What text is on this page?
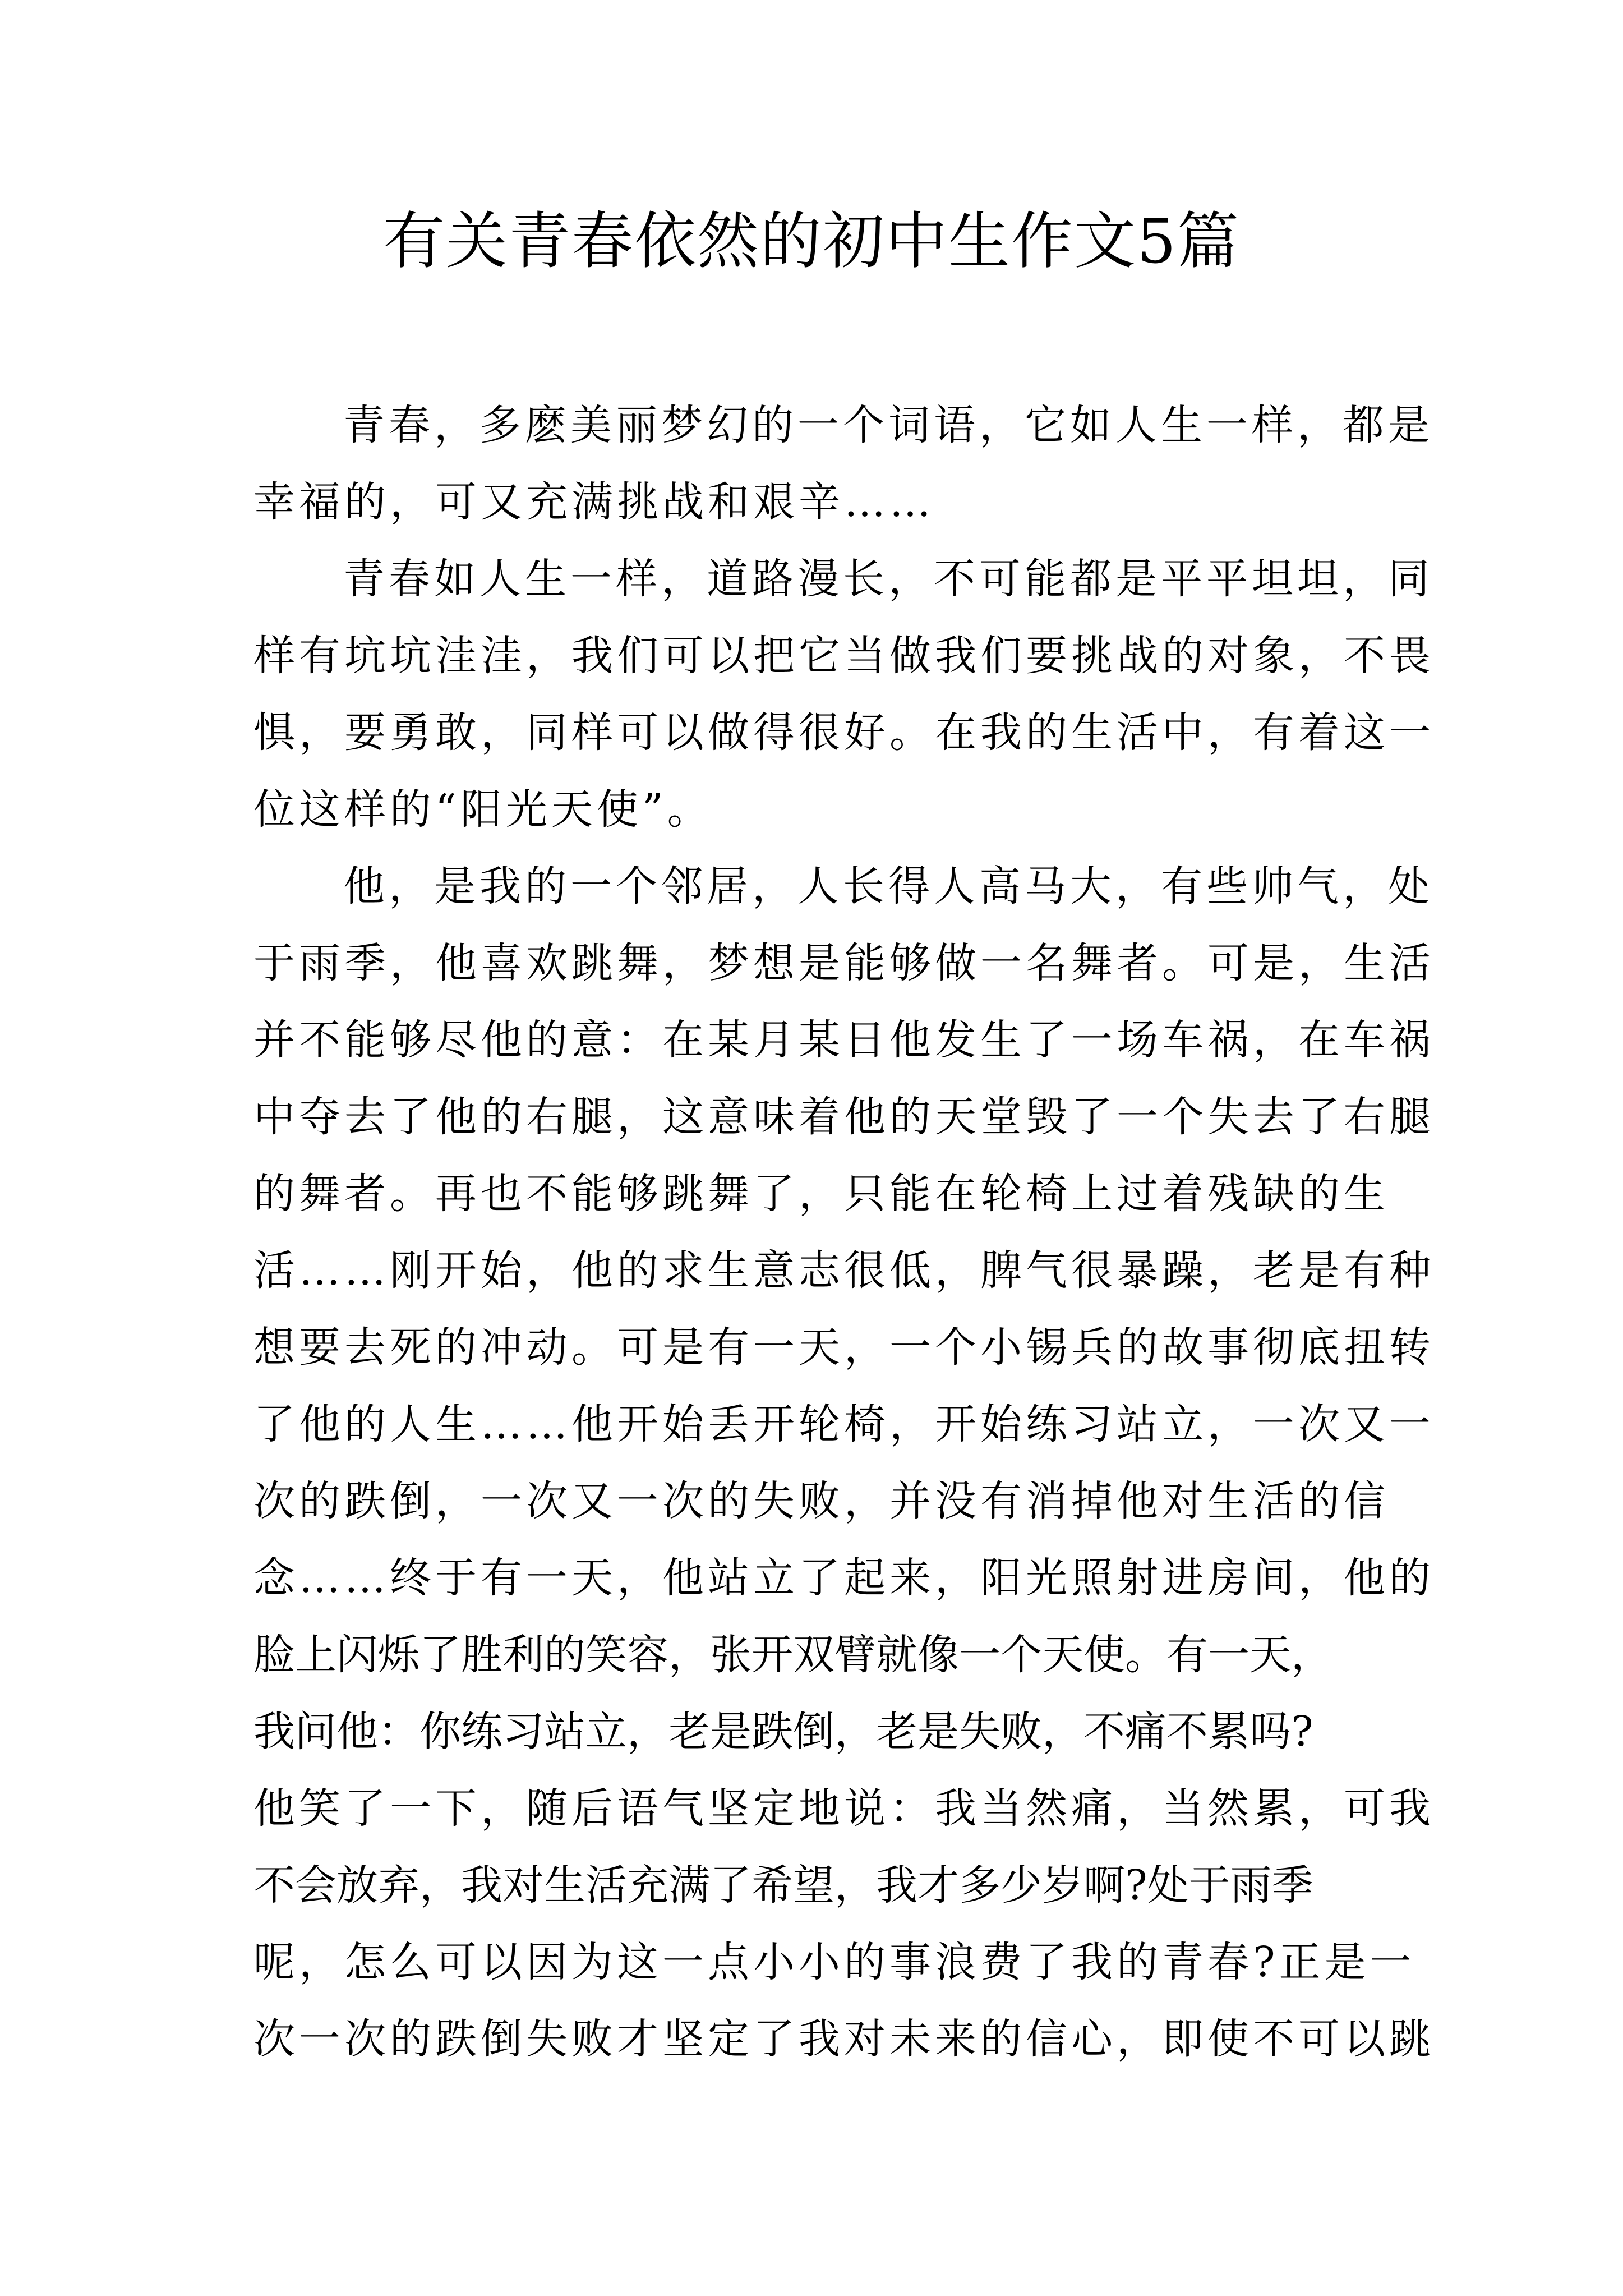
有关青春依然的初中生作文5篇
青春，多麽美丽梦幻的一个词语，它如人生一样，都是
幸福的，可又充满挑战和艰辛……
青春如人生一样，道路漫长，不可能都是平平坦坦，同
样有坑坑洼洼，我们可以把它当做我们要挑战的对象，不畏
惧，要勇敢，同样可以做得很好。在我的生活中，有着这一
位这样的“阳光天使”。
他，是我的一个邻居，人长得人高马大，有些帅气，处
于雨季，他喜欢跳舞，梦想是能够做一名舞者。可是，生活
并不能够尽他的意：在某月某日他发生了一场车祸，在车祸
中夺去了他的右腿，这意味着他的天堂毁了一个失去了右腿
的舞者。再也不能够跳舞了，只能在轮椅上过着残缺的生
活……刚开始，他的求生意志很低，脾气很暴躁，老是有种
想要去死的冲动。可是有一天，一个小锡兵的故事彻底扭转
了他的人生……他开始丢开轮椅，开始练习站立，一次又一
次的跌倒，一次又一次的失败，并没有消掉他对生活的信
念……终于有一天，他站立了起来，阳光照射进房间，他的
脸上闪烁了胜利的笑容，张开双臂就像一个天使。有一天，
我问他：你练习站立，老是跌倒，老是失败，不痛不累吗?
他笑了一下，随后语气坚定地说：我当然痛，当然累，可我
不会放弃，我对生活充满了希望，我才多少岁啊?处于雨季
呢，怎么可以因为这一点小小的事浪费了我的青春?正是一
次一次的跌倒失败才坚定了我对未来的信心，即使不可以跳
